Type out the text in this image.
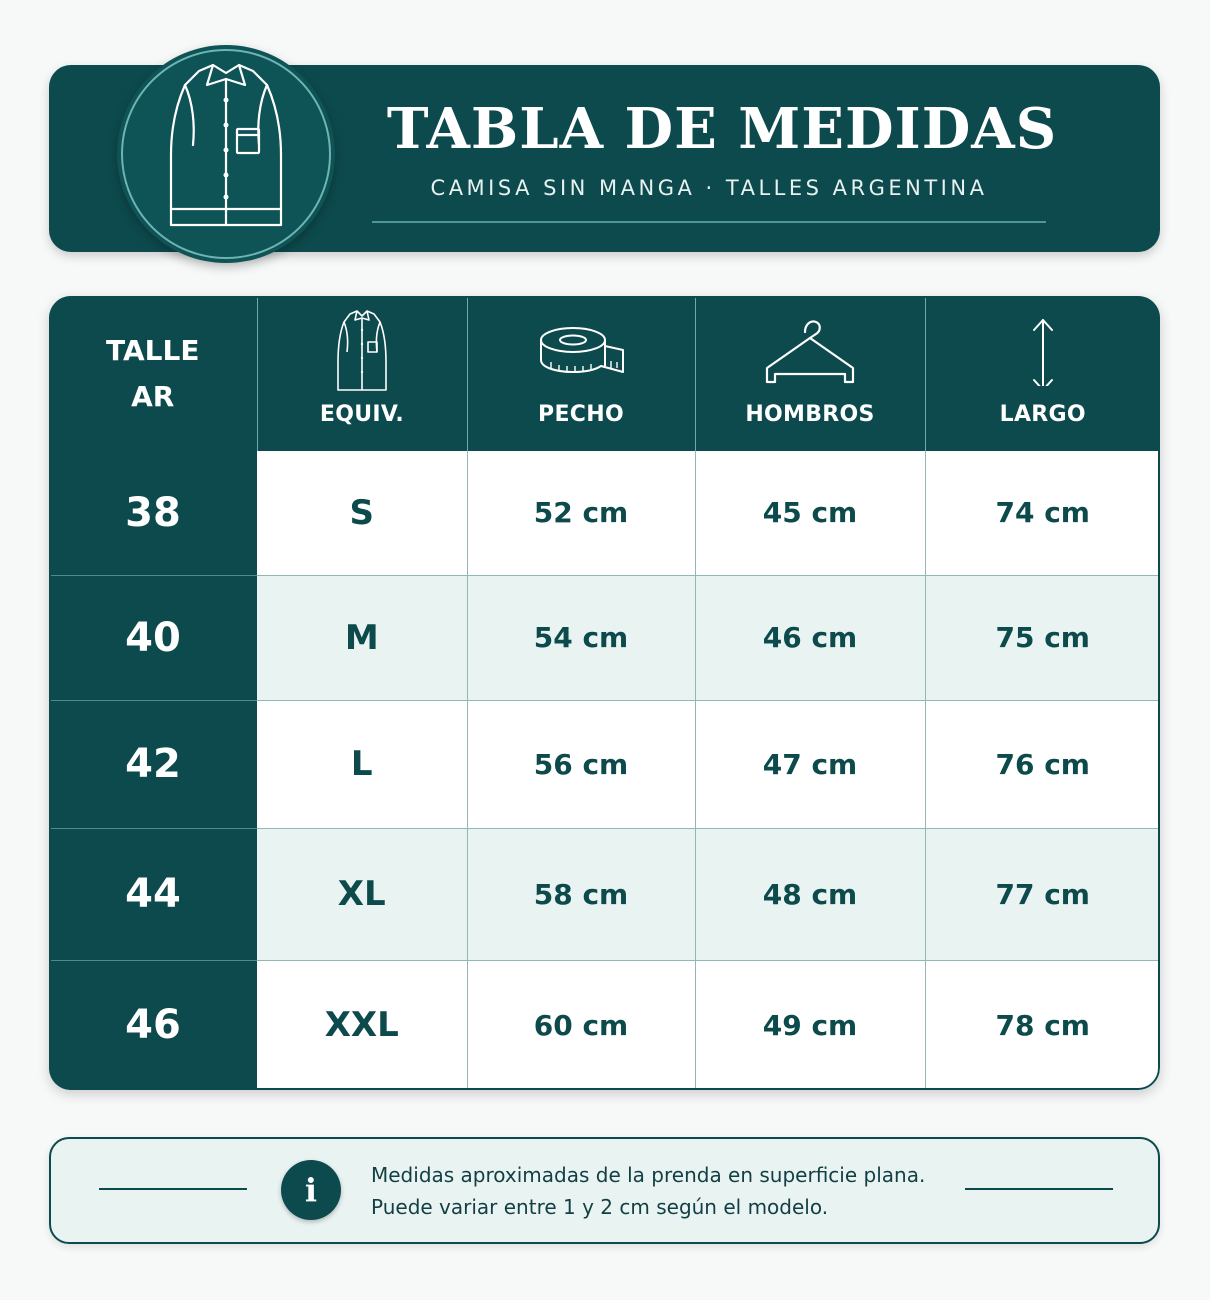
TABLA DE MEDIDAS
CAMISA SIN MANGA · TALLES ARGENTINA
TALLE
AR	EQUIV.	PECHO	HOMBROS	LARGO

38	S	52 cm	45 cm	74 cm
40	M	54 cm	46 cm	75 cm
42	L	56 cm	47 cm	76 cm
44	XL	58 cm	48 cm	77 cm
46	XXL	60 cm	49 cm	78 cm
i	Medidas aproximadas de la prenda en superficie plana.
Puede variar entre 1 y 2 cm según el modelo.
